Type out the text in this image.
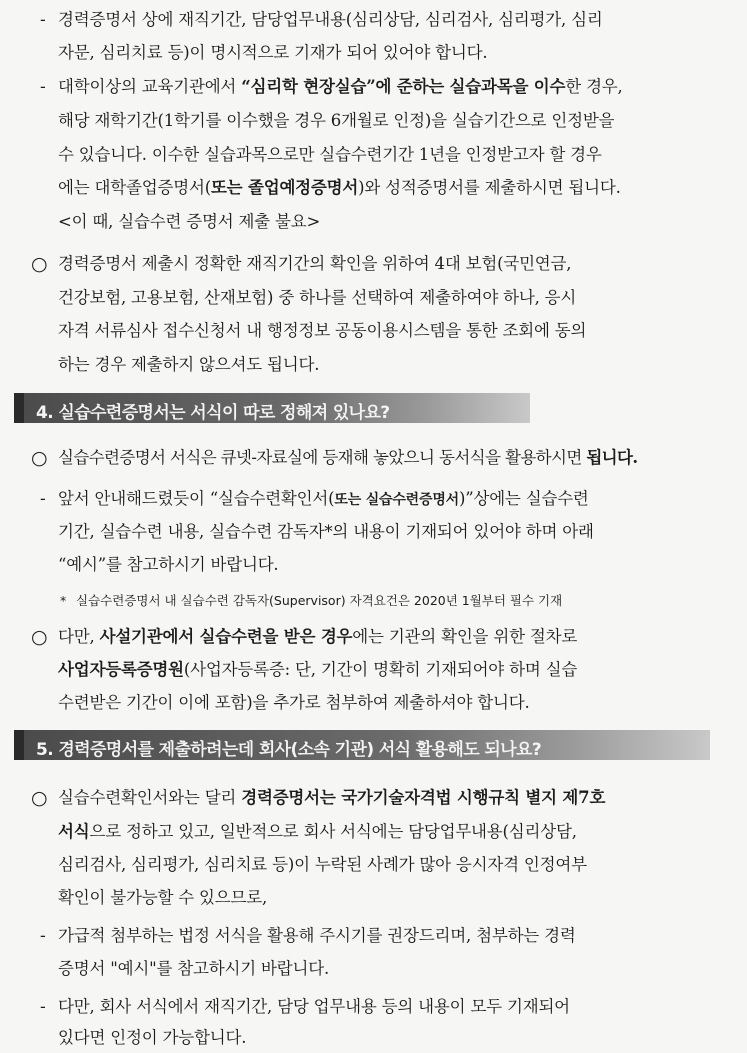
- 경력증명서 상에 재직기간, 담당업무내용(심리상담, 심리검사, 심리평가, 심리
자문, 심리치료 등)이 명시적으로 기재가 되어 있어야 합니다.
- 대학이상의 교육기관에서 “심리학 현장실습”에 준하는 실습과목을 이수한 경우,
해당 재학기간(1학기를 이수했을 경우 6개월로 인정)을 실습기간으로 인정받을
수 있습니다. 이수한 실습과목으로만 실습수련기간 1년을 인정받고자 할 경우
에는 대학졸업증명서(또는 졸업예정증명서)와 성적증명서를 제출하시면 됩니다.
<이 때, 실습수련 증명서 제출 불요>
○ 경력증명서 제출시 정확한 재직기간의 확인을 위하여 4대 보험(국민연금,
건강보험, 고용보험, 산재보험) 중 하나를 선택하여 제출하여야 하나, 응시
자격 서류심사 접수신청서 내 행정정보 공동이용시스템을 통한 조회에 동의
하는 경우 제출하지 않으셔도 됩니다.
4. 실습수련증명서는 서식이 따로 정해져 있나요?
○ 실습수련증명서 서식은 큐넷-자료실에 등재해 놓았으니 동서식을 활용하시면 됩니다.
- 앞서 안내해드렸듯이 “실습수련확인서(또는 실습수련증명서)”상에는 실습수련
기간, 실습수련 내용, 실습수련 감독자*의 내용이 기재되어 있어야 하며 아래
“예시”를 참고하시기 바랍니다.
* 실습수련증명서 내 실습수련 감독자(Supervisor) 자격요건은 2020년 1월부터 필수 기재
○ 다만, 사설기관에서 실습수련을 받은 경우에는 기관의 확인을 위한 절차로
사업자등록증명원(사업자등록증: 단, 기간이 명확히 기재되어야 하며 실습
수련받은 기간이 이에 포함)을 추가로 첨부하여 제출하셔야 합니다.
5. 경력증명서를 제출하려는데 회사(소속 기관) 서식 활용해도 되나요?
○ 실습수련확인서와는 달리 경력증명서는 국가기술자격법 시행규칙 별지 제7호
서식으로 정하고 있고, 일반적으로 회사 서식에는 담당업무내용(심리상담,
심리검사, 심리평가, 심리치료 등)이 누락된 사례가 많아 응시자격 인정여부
확인이 불가능할 수 있으므로,
- 가급적 첨부하는 법정 서식을 활용해 주시기를 권장드리며, 첨부하는 경력
증명서 "예시"를 참고하시기 바랍니다.
- 다만, 회사 서식에서 재직기간, 담당 업무내용 등의 내용이 모두 기재되어
있다면 인정이 가능합니다.
